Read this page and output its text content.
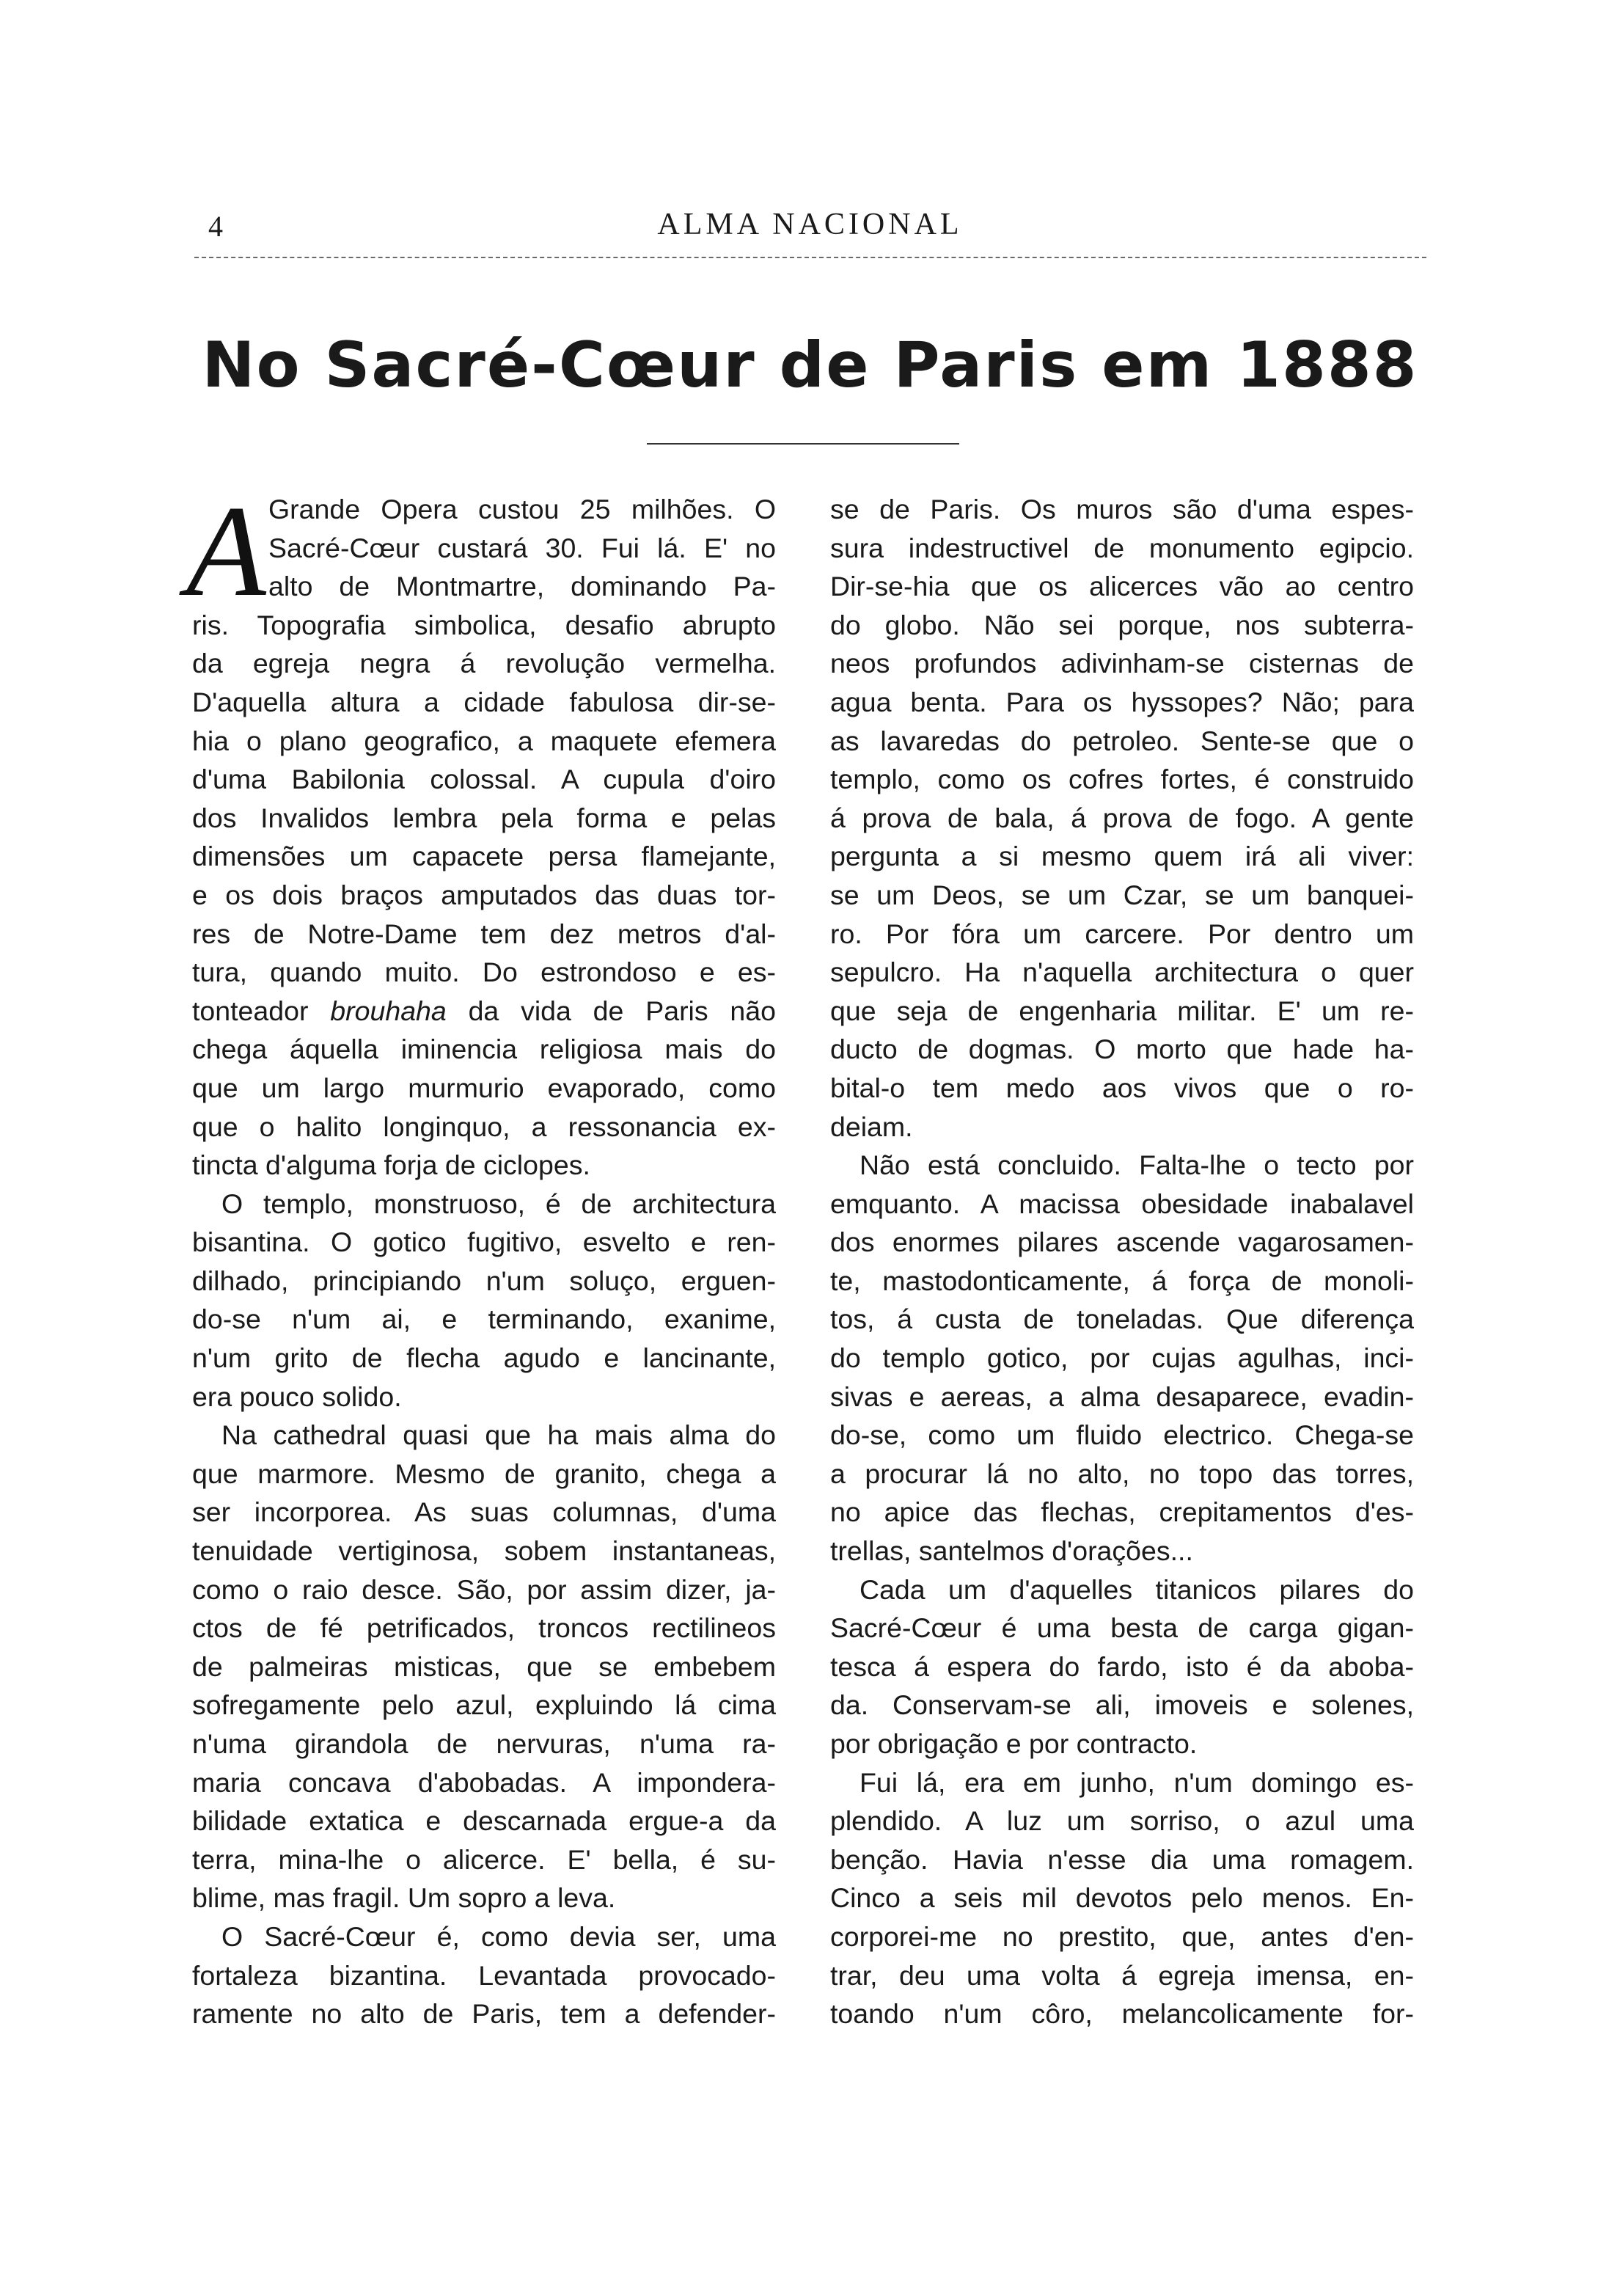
4	ALMA NACIONAL
No Sacré-Cœur de Paris em 1888
A Grande Opera custou 25 milhões. O
Sacré-Cœur custará 30. Fui lá. E' no
alto de Montmartre, dominando Pa-
ris. Topografia simbolica, desafio abrupto
da egreja negra á revolução vermelha.
D'aquella altura a cidade fabulosa dir-se-
hia o plano geografico, a maquete efemera
d'uma Babilonia colossal. A cupula d'oiro
dos Invalidos lembra pela forma e pelas
dimensões um capacete persa flamejante,
e os dois braços amputados das duas tor-
res de Notre-Dame tem dez metros d'al-
tura, quando muito. Do estrondoso e es-
tonteador brouhaha da vida de Paris não
chega áquella iminencia religiosa mais do
que um largo murmurio evaporado, como
que o halito longinquo, a ressonancia ex-
tincta d'alguma forja de ciclopes.
O templo, monstruoso, é de architectura
bisantina. O gotico fugitivo, esvelto e ren-
dilhado, principiando n'um soluço, erguen-
do-se n'um ai, e terminando, exanime,
n'um grito de flecha agudo e lancinante,
era pouco solido.
Na cathedral quasi que ha mais alma do
que marmore. Mesmo de granito, chega a
ser incorporea. As suas columnas, d'uma
tenuidade vertiginosa, sobem instantaneas,
como o raio desce. São, por assim dizer, ja-
ctos de fé petrificados, troncos rectilineos
de palmeiras misticas, que se embebem
sofregamente pelo azul, expluindo lá cima
n'uma girandola de nervuras, n'uma ra-
maria concava d'abobadas. A impondera-
bilidade extatica e descarnada ergue-a da
terra, mina-lhe o alicerce. E' bella, é su-
blime, mas fragil. Um sopro a leva.
O Sacré-Cœur é, como devia ser, uma
fortaleza bizantina. Levantada provocado-
ramente no alto de Paris, tem a defender-
se de Paris. Os muros são d'uma espes-
sura indestructivel de monumento egipcio.
Dir-se-hia que os alicerces vão ao centro
do globo. Não sei porque, nos subterra-
neos profundos adivinham-se cisternas de
agua benta. Para os hyssopes? Não; para
as lavaredas do petroleo. Sente-se que o
templo, como os cofres fortes, é construido
á prova de bala, á prova de fogo. A gente
pergunta a si mesmo quem irá ali viver:
se um Deos, se um Czar, se um banquei-
ro. Por fóra um carcere. Por dentro um
sepulcro. Ha n'aquella architectura o quer
que seja de engenharia militar. E' um re-
ducto de dogmas. O morto que hade ha-
bital-o tem medo aos vivos que o ro-
deiam.
Não está concluido. Falta-lhe o tecto por
emquanto. A macissa obesidade inabalavel
dos enormes pilares ascende vagarosamen-
te, mastodonticamente, á força de monoli-
tos, á custa de toneladas. Que diferença
do templo gotico, por cujas agulhas, inci-
sivas e aereas, a alma desaparece, evadin-
do-se, como um fluido electrico. Chega-se
a procurar lá no alto, no topo das torres,
no apice das flechas, crepitamentos d'es-
trellas, santelmos d'orações...
Cada um d'aquelles titanicos pilares do
Sacré-Cœur é uma besta de carga gigan-
tesca á espera do fardo, isto é da aboba-
da. Conservam-se ali, imoveis e solenes,
por obrigação e por contracto.
Fui lá, era em junho, n'um domingo es-
plendido. A luz um sorriso, o azul uma
benção. Havia n'esse dia uma romagem.
Cinco a seis mil devotos pelo menos. En-
corporei-me no prestito, que, antes d'en-
trar, deu uma volta á egreja imensa, en-
toando n'um côro, melancolicamente for-
